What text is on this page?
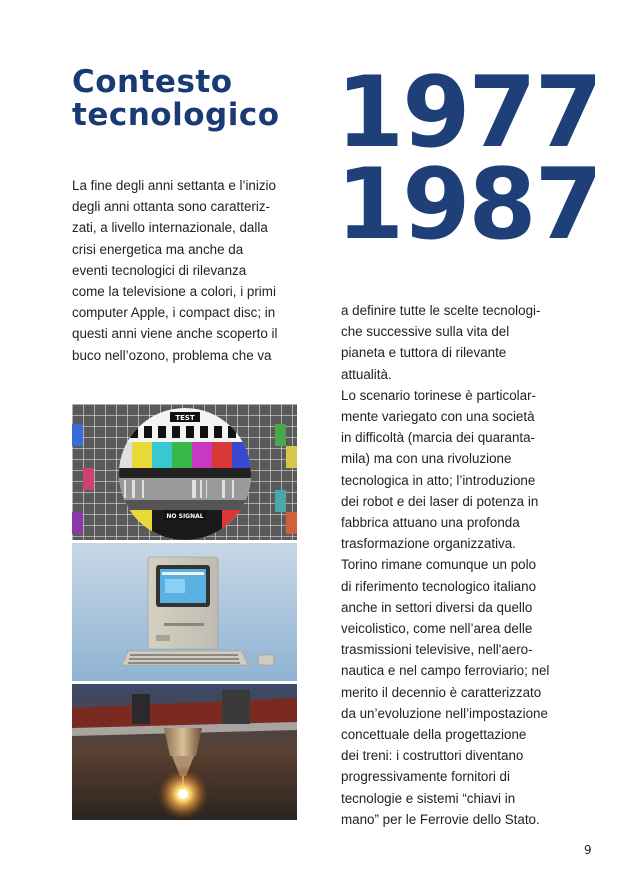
Contesto
tecnologico 1977
1987
La fine degli anni settanta e l’inizio
degli anni ottanta sono caratteriz-
zati, a livello internazionale, dalla
crisi energetica ma anche da
eventi tecnologici di rilevanza
come la televisione a colori, i primi
computer Apple, i compact disc; in
questi anni viene anche scoperto il
buco nell’ozono, problema che va
a definire tutte le scelte tecnologi-
che successive sulla vita del
pianeta e tuttora di rilevante
attualità.
Lo scenario torinese è particolar-
mente variegato con una società
in difficoltà (marcia dei quaranta-
mila) ma con una rivoluzione
tecnologica in atto; l’introduzione
dei robot e dei laser di potenza in
fabbrica attuano una profonda
trasformazione organizzativa.
Torino rimane comunque un polo
di riferimento tecnologico italiano
anche in settori diversi da quello
veicolistico, come nell’area delle
trasmissioni televisive, nell'aero-
nautica e nel campo ferroviario; nel
merito il decennio è caratterizzato
da un’evoluzione nell’impostazione
concettuale della progettazione
dei treni: i costruttori diventano
progressivamente fornitori di
tecnologie e sistemi “chiavi in
mano” per le Ferrovie dello Stato.
TEST
NO SIGNAL
9
